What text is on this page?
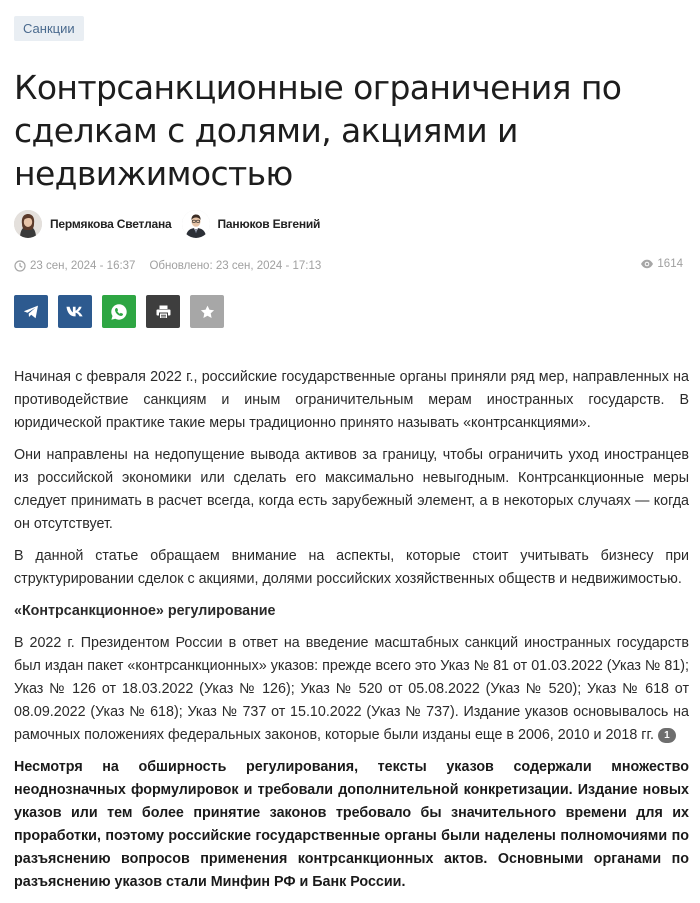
Санкции
Контрсанкционные ограничения по сделкам с долями, акциями и недвижимостью
Пермякова Светлана	Панюков Евгений
23 сен, 2024 - 16:37 Обновлено: 23 сен, 2024 - 17:13	1614

Начиная с февраля 2022 г., российские государственные органы приняли ряд мер, направленных на противодействие санкциям и иным ограничительным мерам иностранных государств. В юридической практике такие меры традиционно принято называть «контрсанкциями».

Они направлены на недопущение вывода активов за границу, чтобы ограничить уход иностранцев из российской экономики или сделать его максимально невыгодным. Контрсанкционные меры следует принимать в расчет всегда, когда есть зарубежный элемент, а в некоторых случаях — когда он отсутствует.

В данной статье обращаем внимание на аспекты, которые стоит учитывать бизнесу при структурировании сделок с акциями, долями российских хозяйственных обществ и недвижимостью.

«Контрсанкционное» регулирование

В 2022 г. Президентом России в ответ на введение масштабных санкций иностранных государств был издан пакет «контрсанкционных» указов: прежде всего это Указ № 81 от 01.03.2022 (Указ № 81); Указ № 126 от 18.03.2022 (Указ № 126); Указ № 520 от 05.08.2022 (Указ № 520); Указ № 618 от 08.09.2022 (Указ № 618); Указ № 737 от 15.10.2022 (Указ № 737). Издание указов основывалось на рамочных положениях федеральных законов, которые были изданы еще в 2006, 2010 и 2018 гг. 1

Несмотря на обширность регулирования, тексты указов содержали множество неоднозначных формулировок и требовали дополнительной конкретизации. Издание новых указов или тем более принятие законов требовало бы значительного времени для их проработки, поэтому российские государственные органы были наделены полномочиями по разъяснению вопросов применения контрсанкционных актов. Основными органами по разъяснению указов стали Минфин РФ и Банк России.
